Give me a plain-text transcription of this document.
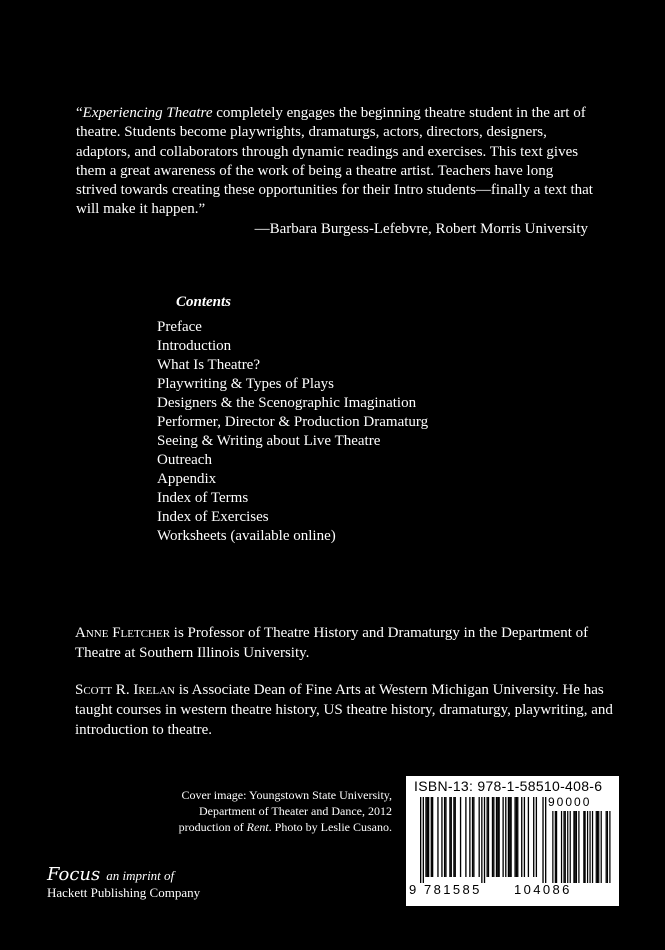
“Experiencing Theatre completely engages the beginning theatre student in the art of theatre. Students become playwrights, dramaturgs, actors, directors, designers, adaptors, and collaborators through dynamic readings and exercises. This text gives them a great awareness of the work of being a theatre artist. Teachers have long strived towards creating these opportunities for their Intro students—finally a text that will make it happen.”

—Barbara Burgess-Lefebvre, Robert Morris University

Contents
Preface
Introduction
What Is Theatre?
Playwriting & Types of Plays
Designers & the Scenographic Imagination
Performer, Director & Production Dramaturg
Seeing & Writing about Live Theatre
Outreach
Appendix
Index of Terms
Index of Exercises
Worksheets (available online)

Anne Fletcher is Professor of Theatre History and Dramaturgy in the Department of Theatre at Southern Illinois University.

Scott R. Irelan is Associate Dean of Fine Arts at Western Michigan University. He has taught courses in western theatre history, US theatre history, dramaturgy, playwriting, and introduction to theatre.

Cover image: Youngstown State University,

Department of Theater and Dance, 2012

production of Rent. Photo by Leslie Cusano.

Focus an imprint of

Hackett Publishing Company

ISBN-13: 978-1-58510-408-6
90000
9 781585 104086
